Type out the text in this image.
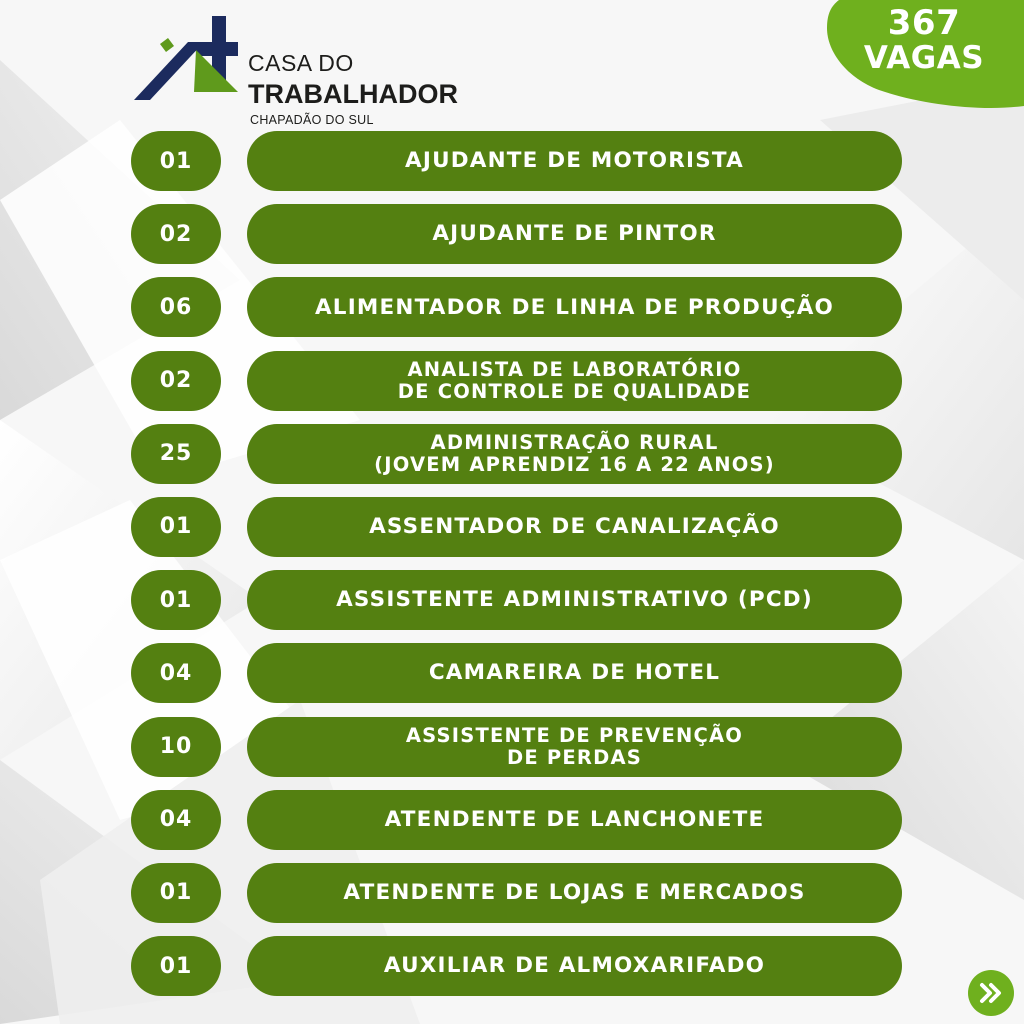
367
VAGAS
CASA DO
TRABALHADOR
CHAPADÃO DO SUL
01	AJUDANTE DE MOTORISTA
02	AJUDANTE DE PINTOR
06	ALIMENTADOR DE LINHA DE PRODUÇÃO
02	ANALISTA DE LABORATÓRIO
DE CONTROLE DE QUALIDADE
25	ADMINISTRAÇÃO RURAL
(JOVEM APRENDIZ 16 A 22 ANOS)
01	ASSENTADOR DE CANALIZAÇÃO
01	ASSISTENTE ADMINISTRATIVO (PCD)
04	CAMAREIRA DE HOTEL
10	ASSISTENTE DE PREVENÇÃO
DE PERDAS
04	ATENDENTE DE LANCHONETE
01	ATENDENTE DE LOJAS E MERCADOS
01	AUXILIAR DE ALMOXARIFADO
